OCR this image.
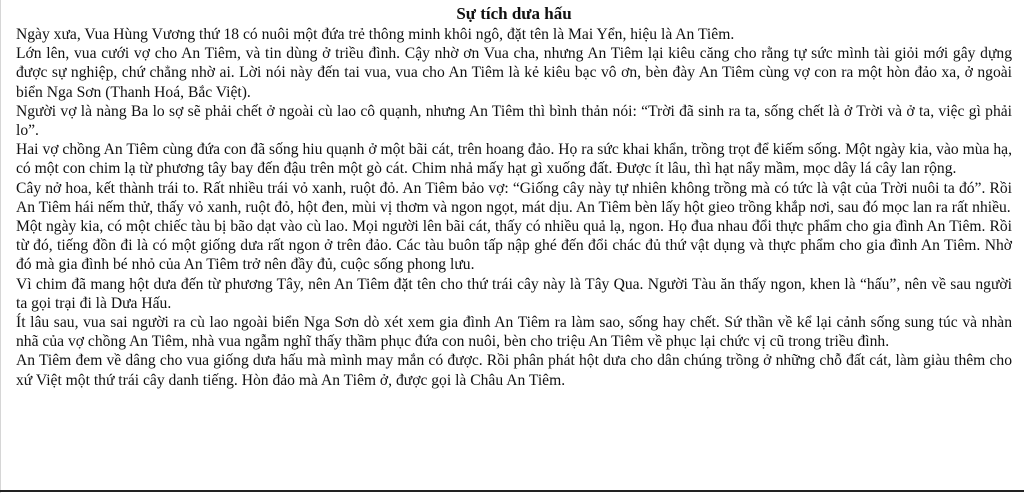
Sự tích dưa hấu

Ngày xưa, Vua Hùng Vương thứ 18 có nuôi một đứa trẻ thông minh khôi ngô, đặt tên là Mai Yển, hiệu là An Tiêm.

Lớn lên, vua cưới vợ cho An Tiêm, và tin dùng ở triều đình. Cậy nhờ ơn Vua cha, nhưng An Tiêm lại kiêu căng cho rằng tự sức mình tài giỏi mới gây dựng được sự nghiệp, chứ chẳng nhờ ai. Lời nói này đến tai vua, vua cho An Tiêm là kẻ kiêu bạc vô ơn, bèn đày An Tiêm cùng vợ con ra một hòn đảo xa, ở ngoài biển Nga Sơn (Thanh Hoá, Bắc Việt).

Người vợ là nàng Ba lo sợ sẽ phải chết ở ngoài cù lao cô quạnh, nhưng An Tiêm thì bình thản nói: “Trời đã sinh ra ta, sống chết là ở Trời và ở ta, việc gì phải lo”.

Hai vợ chồng An Tiêm cùng đứa con đã sống hiu quạnh ở một bãi cát, trên hoang đảo. Họ ra sức khai khẩn, trồng trọt để kiếm sống. Một ngày kia, vào mùa hạ, có một con chim lạ từ phương tây bay đến đậu trên một gò cát. Chim nhả mấy hạt gì xuống đất. Được ít lâu, thì hạt nẩy mầm, mọc dây lá cây lan rộng.

Cây nở hoa, kết thành trái to. Rất nhiều trái vỏ xanh, ruột đỏ. An Tiêm bảo vợ: “Giống cây này tự nhiên không trồng mà có tức là vật của Trời nuôi ta đó”. Rồi An Tiêm hái nếm thử, thấy vỏ xanh, ruột đỏ, hột đen, mùi vị thơm và ngon ngọt, mát dịu. An Tiêm bèn lấy hột gieo trồng khắp nơi, sau đó mọc lan ra rất nhiều.

Một ngày kia, có một chiếc tàu bị bão dạt vào cù lao. Mọi người lên bãi cát, thấy có nhiều quả lạ, ngon. Họ đua nhau đổi thực phẩm cho gia đình An Tiêm. Rồi từ đó, tiếng đồn đi là có một giống dưa rất ngon ở trên đảo. Các tàu buôn tấp nập ghé đến đổi chác đủ thứ vật dụng và thực phẩm cho gia đình An Tiêm. Nhờ đó mà gia đình bé nhỏ của An Tiêm trở nên đầy đủ, cuộc sống phong lưu.

Vì chim đã mang hột dưa đến từ phương Tây, nên An Tiêm đặt tên cho thứ trái cây này là Tây Qua. Người Tàu ăn thấy ngon, khen là “hấu”, nên về sau người ta gọi trại đi là Dưa Hấu.

Ít lâu sau, vua sai người ra cù lao ngoài biển Nga Sơn dò xét xem gia đình An Tiêm ra làm sao, sống hay chết. Sứ thần về kể lại cảnh sống sung túc và nhàn nhã của vợ chồng An Tiêm, nhà vua ngẫm nghĩ thấy thầm phục đứa con nuôi, bèn cho triệu An Tiêm về phục lại chức vị cũ trong triều đình.

An Tiêm đem về dâng cho vua giống dưa hấu mà mình may mắn có được. Rồi phân phát hột dưa cho dân chúng trồng ở những chỗ đất cát, làm giàu thêm cho xứ Việt một thứ trái cây danh tiếng. Hòn đảo mà An Tiêm ở, được gọi là Châu An Tiêm.
